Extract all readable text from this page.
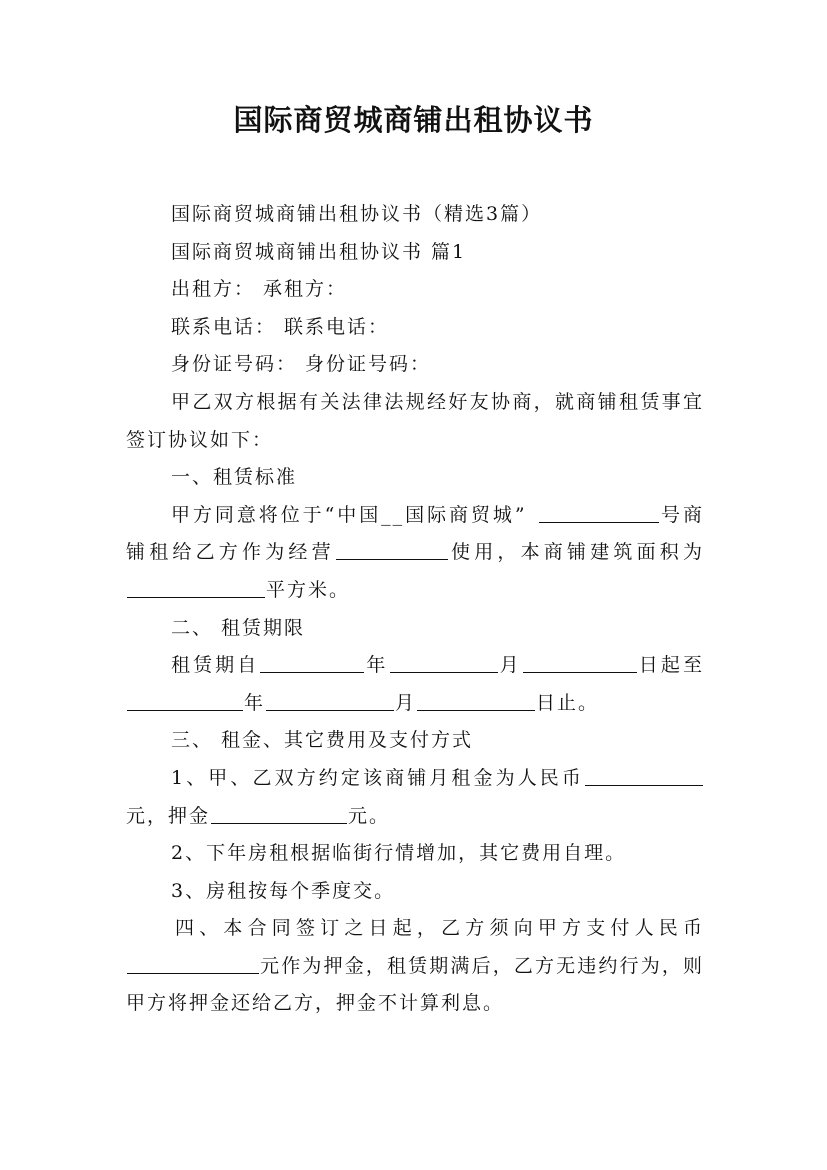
国际商贸城商铺出租协议书

国际商贸城商铺出租协议书（精选3篇）

国际商贸城商铺出租协议书 篇1

出租方： 承租方：

联系电话： 联系电话：

身份证号码： 身份证号码：

甲乙双方根据有关法律法规经好友协商，就商铺租赁事宜签订协议如下：

一、租赁标准

甲方同意将位于“中国__国际商贸城” 	号商铺租给乙方作为经营	使用，本商铺建筑面积为平方米。

二、 租赁期限

租赁期自	年	月	日起至年	月	日止。

三、 租金、其它费用及支付方式

1、甲、乙双方约定该商铺月租金为人民币元，押金	元。

2、下年房租根据临街行情增加，其它费用自理。

3、房租按每个季度交。

四、本合同签订之日起，乙方须向甲方支付人民币元作为押金，租赁期满后，乙方无违约行为，则甲方将押金还给乙方，押金不计算利息。
